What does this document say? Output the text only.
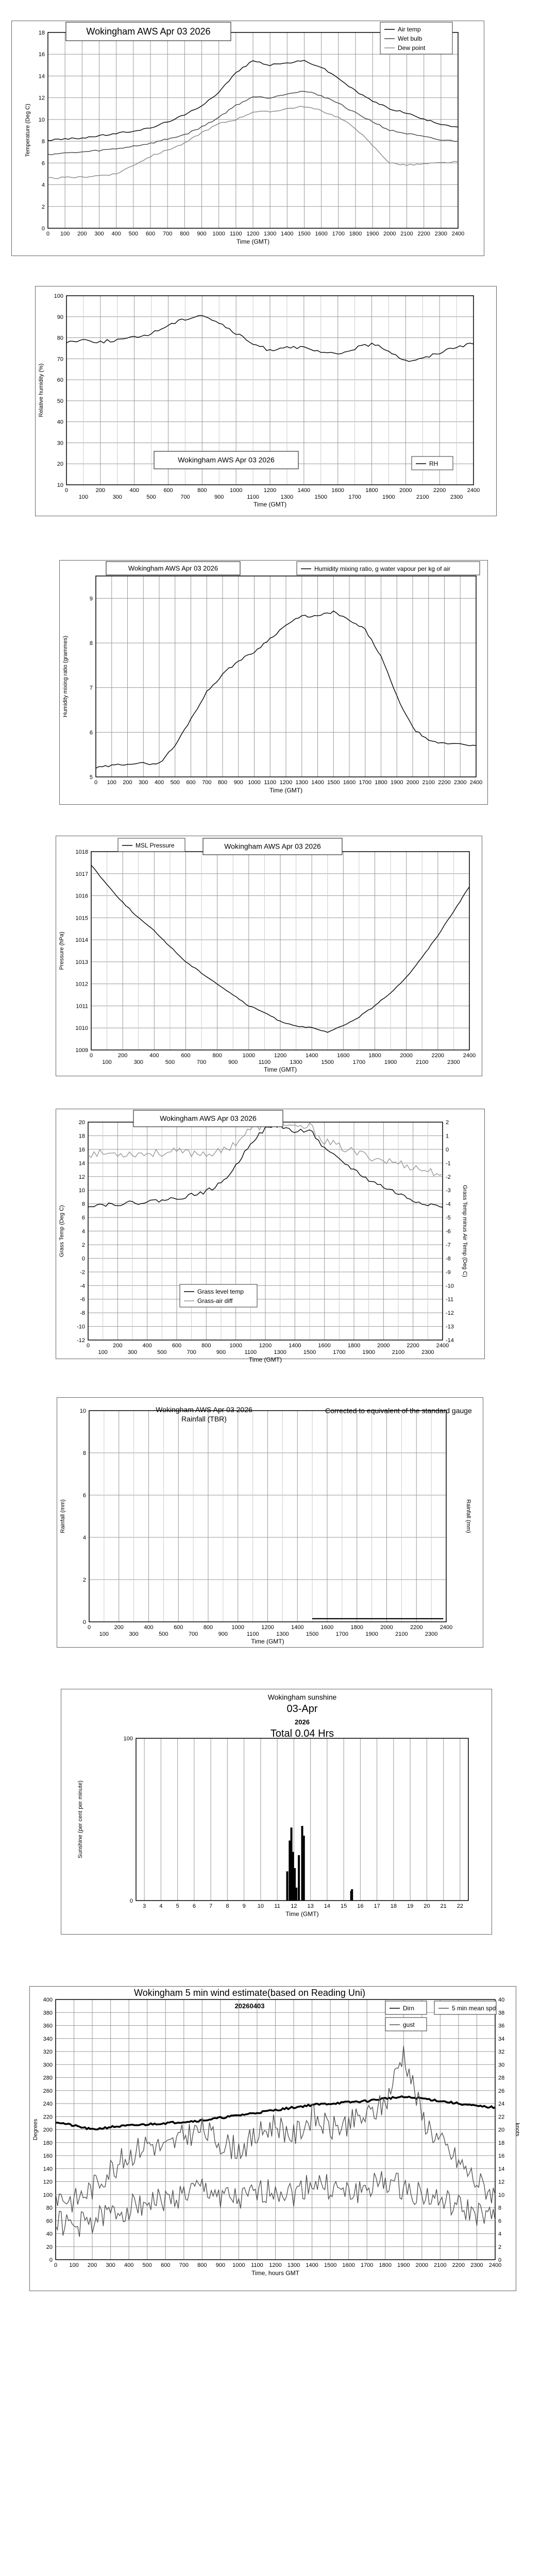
0
2
4
6
8
10
12
14
16
18
0 100 200 300 400 500 600 700 800 900 1000 1100 1200 1300 1400 1500 1600 1700 1800 1900 2000 2100 2200 2300 2400
Time (GMT)
Temperature (Deg C)
Wokingham AWS Apr 03 2026	Air temp
Wet bulb
Dew point
10
20
30
40
50
60
70
80
90
100
0	200	400	600	800	1000	1200	1400	1600	1800	2000	2200	2400
100	300	500	700	900	1100	1300	1500	1700	1900	2100	2300
Time (GMT)
Relative humidity (%)
Wokingham AWS Apr 03 2026	RH
5
6
7
8
9
0 100 200 300 400 500 600 700 800 900 1000 1100 1200 1300 1400 1500 1600 1700 1800 1900 2000 2100 2200 2300 2400
Time (GMT)
Humidity mixing ratio (grammes)
Wokingham AWS Apr 03 2026	Humidity mixing ratio, g water vapour per kg of air
1009
1010
1011
1012
1013
1014
1015
1016
1017
1018
0	200	400	600	800	1000	1200	1400	1600	1800	2000	2200	2400
100	300	500	700	900	1100	1300	1500	1700	1900	2100	2300
Time (GMT)
Pressure (hPa)
MSL Pressure	Wokingham AWS Apr 03 2026
20
18
16
14
12
10
8
6
4
2
0
-2
-4
-6
-8
-10
-12
2
1
0
-1
-2
-3
-4
-5
-6
-7
-8
-9
-10
-11
-12
-13
-14
0	200	400	600	800	1000	1200	1400	1600	1800	2000	2200	2400
100	300	500	700	900	1100	1300	1500	1700	1900	2100	2300
Time (GMT)
Grass Temp (Deg C)	Grass Temp minus Air Temp (Deg C)
Wokingham AWS Apr 03 2026
Grass level temp
Grass-air diff
0
2
4
6
8
10
0	200	400	600	800	1000	1200	1400	1600	1800	2000	2200	2400
100	300	500	700	900	1100	1300	1500	1700	1900	2100	2300
Time (GMT)
Rainfall (mm)	Rainfall (mm)
Wokingham AWS Apr 03 2026
Rainfall (TBR)
Corrected to equivalent of the standard gauge
0
100
3 4 5 6 7 8 9 10 11 12 13 14 15 16 17 18 19 20 21 22
Time (GMT)
Sunshine (per cent per minute)
Wokingham sunshine
03-Apr
2026
Total 0.04 Hrs
0
20
40
60
80
100
120
140
160
180
200
220
240
260
280
300
320
340
360
380
400
0
2
4
6
8
10
12
14
16
18
20
22
24
26
28
30
32
34
36
38
40
0 100 200 300 400 500 600 700 800 900 1000 1100 1200 1300 1400 1500 1600 1700 1800 1900 2000 2100 2200 2300 2400
Time, hours GMT
Degrees	knots
Wokingham 5 min wind estimate(based on Reading Uni)
20260403	Dirn	5 min mean spd
gust
